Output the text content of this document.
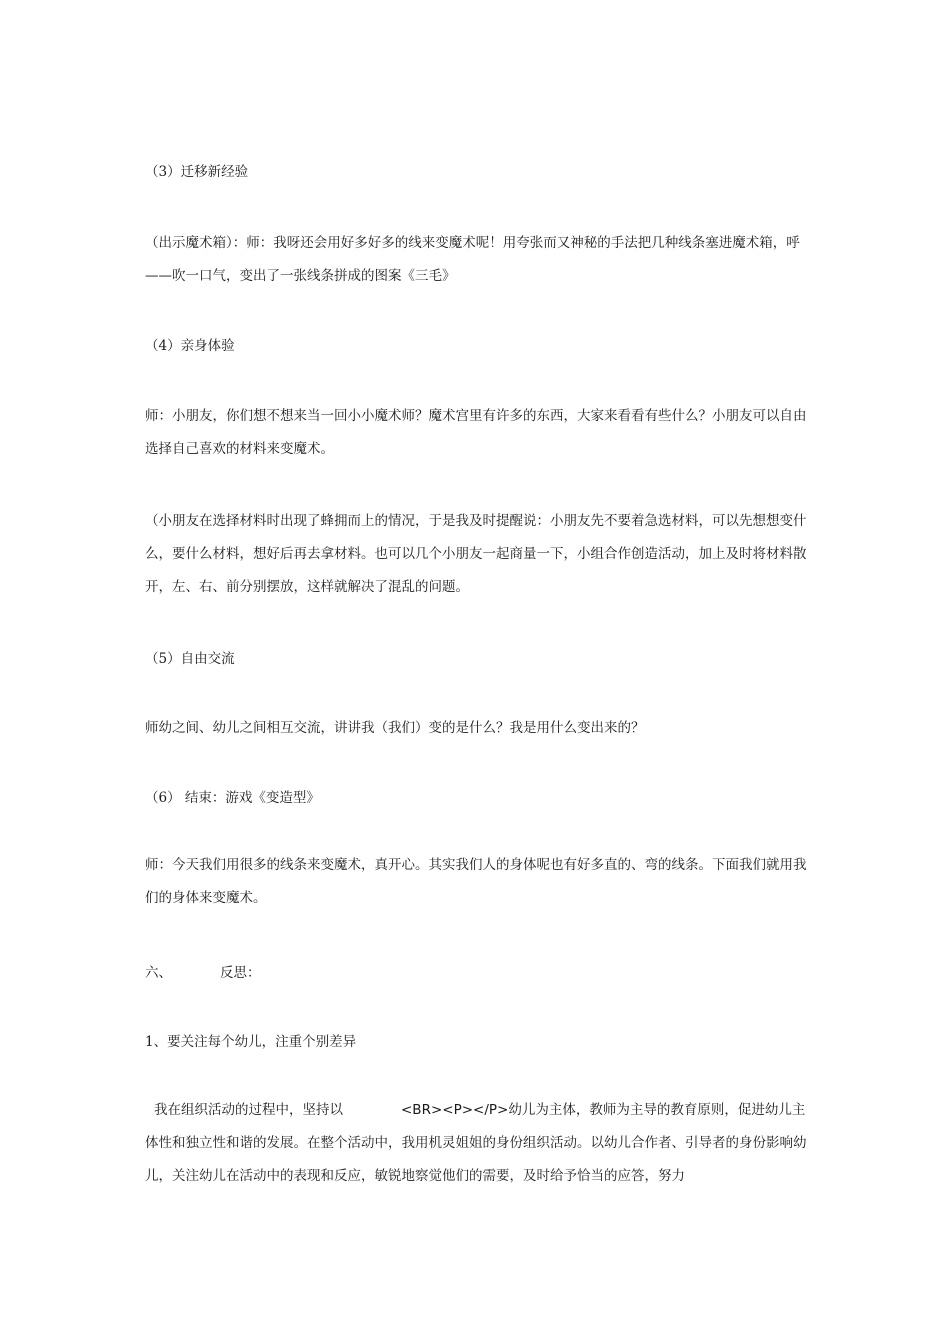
（3）迁移新经验
（出示魔术箱）：师：我呀还会用好多好多的线来变魔术呢！用夸张而又神秘的手法把几种线条塞进魔术箱，呼——吹一口气，变出了一张线条拼成的图案《三毛》
（4）亲身体验
师：小朋友，你们想不想来当一回小小魔术师？魔术宫里有许多的东西，大家来看看有些什么？小朋友可以自由选择自己喜欢的材料来变魔术。
（小朋友在选择材料时出现了蜂拥而上的情况，于是我及时提醒说：小朋友先不要着急选材料，可以先想想变什么，要什么材料，想好后再去拿材料。也可以几个小朋友一起商量一下，小组合作创造活动，加上及时将材料散开，左、右、前分别摆放，这样就解决了混乱的问题。
（5）自由交流
师幼之间、幼儿之间相互交流，讲讲我（我们）变的是什么？我是用什么变出来的？
（6） 结束：游戏《变造型》
师：今天我们用很多的线条来变魔术，真开心。其实我们人的身体呢也有好多直的、弯的线条。下面我们就用我们的身体来变魔术。
六、	反思：
1、要关注每个幼儿，注重个别差异
我在组织活动的过程中，坚持以	<BR><P></P>幼儿为主体，教师为主导的教育原则，促进幼儿主体性和独立性和谐的发展。在整个活动中，我用机灵姐姐的身份组织活动。以幼儿合作者、引导者的身份影响幼儿，关注幼儿在活动中的表现和反应，敏锐地察觉他们的需要，及时给予恰当的应答，努力
